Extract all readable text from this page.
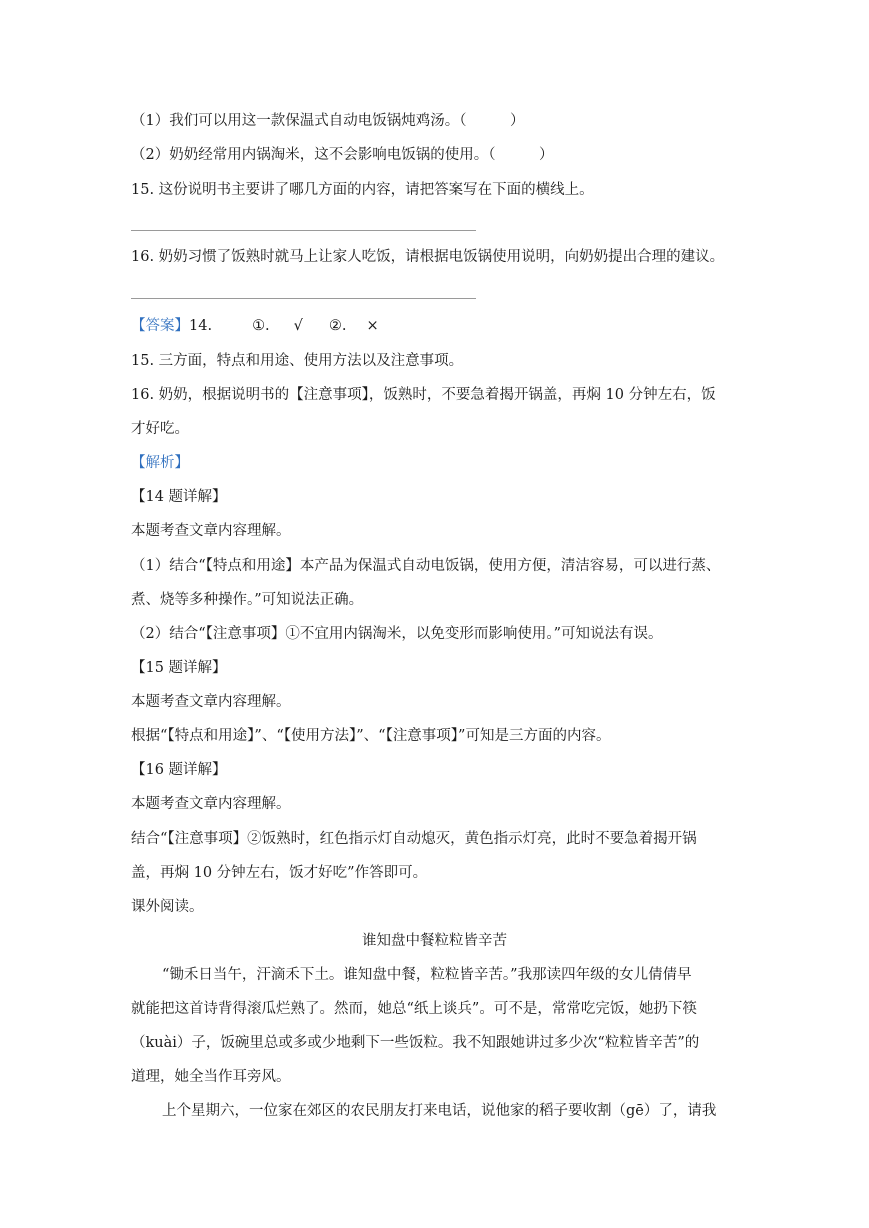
（1）我们可以用这一款保温式自动电饭锅炖鸡汤。（　　　）
（2）奶奶经常用内锅淘米，这不会影响电饭锅的使用。（　　　）
15. 这份说明书主要讲了哪几方面的内容，请把答案写在下面的横线上。
16. 奶奶习惯了饭熟时就马上让家人吃饭，请根据电饭锅使用说明，向奶奶提出合理的建议。
【答案】14.	①. √ ②. ×
15. 三方面，特点和用途、使用方法以及注意事项。
16. 奶奶，根据说明书的【注意事项】，饭熟时，不要急着揭开锅盖，再焖 10 分钟左右，饭
才好吃。
【解析】
【14 题详解】
本题考查文章内容理解。
（1）结合“【特点和用途】本产品为保温式自动电饭锅，使用方便，清洁容易，可以进行蒸、
煮、烧等多种操作。”可知说法正确。
（2）结合“【注意事项】①不宜用内锅淘米，以免变形而影响使用。”可知说法有误。
【15 题详解】
本题考查文章内容理解。
根据“【特点和用途】”、“【使用方法】”、“【注意事项】”可知是三方面的内容。
【16 题详解】
本题考查文章内容理解。
结合“【注意事项】②饭熟时，红色指示灯自动熄灭，黄色指示灯亮，此时不要急着揭开锅
盖，再焖 10 分钟左右，饭才好吃”作答即可。
课外阅读。
谁知盘中餐粒粒皆辛苦
“锄禾日当午，汗滴禾下土。谁知盘中餐，粒粒皆辛苦。”我那读四年级的女儿倩倩早
就能把这首诗背得滚瓜烂熟了。然而，她总“纸上谈兵”。可不是，常常吃完饭，她扔下筷
（kuài）子，饭碗里总或多或少地剩下一些饭粒。我不知跟她讲过多少次“粒粒皆辛苦”的
道理，她全当作耳旁风。
上个星期六，一位家在郊区的农民朋友打来电话，说他家的稻子要收割（gē）了，请我
